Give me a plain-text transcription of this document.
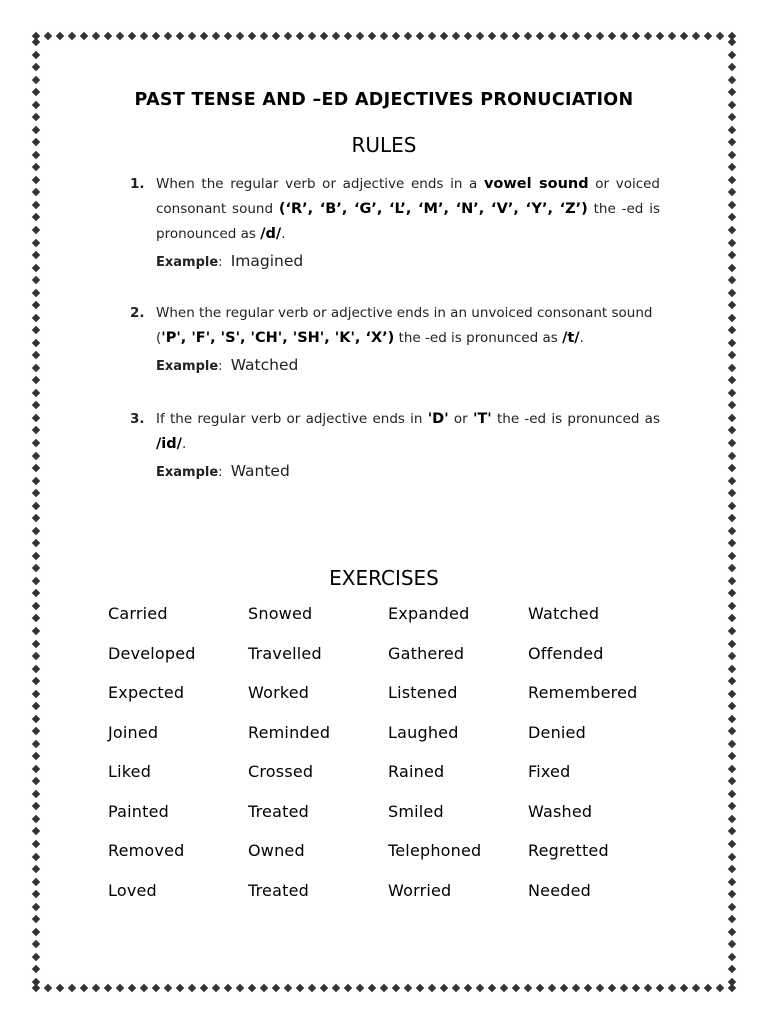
PAST TENSE AND –ED ADJECTIVES PRONUCIATION
RULES
1. When the regular verb or adjective ends in a vowel sound or voiced consonant sound (‘R’, ‘B’, ‘G’, ‘L’, ‘M’, ‘N’, ‘V’, ‘Y’, ‘Z’) the -ed is pronounced as /d/.
Example: Imagined
2. When the regular verb or adjective ends in an unvoiced consonant sound
('P', 'F', 'S', 'CH', 'SH', 'K', ‘X’) the -ed is pronunced as /t/.
Example: Watched
3. If the regular verb or adjective ends in 'D' or 'T' the -ed is pronunced as /id/.
Example: Wanted
EXERCISES
Carried	Snowed	Expanded	Watched
Developed	Travelled	Gathered	Offended
Expected	Worked	Listened	Remembered
Joined	Reminded	Laughed	Denied
Liked	Crossed	Rained	Fixed
Painted	Treated	Smiled	Washed
Removed	Owned	Telephoned	Regretted
Loved	Treated	Worried	Needed
